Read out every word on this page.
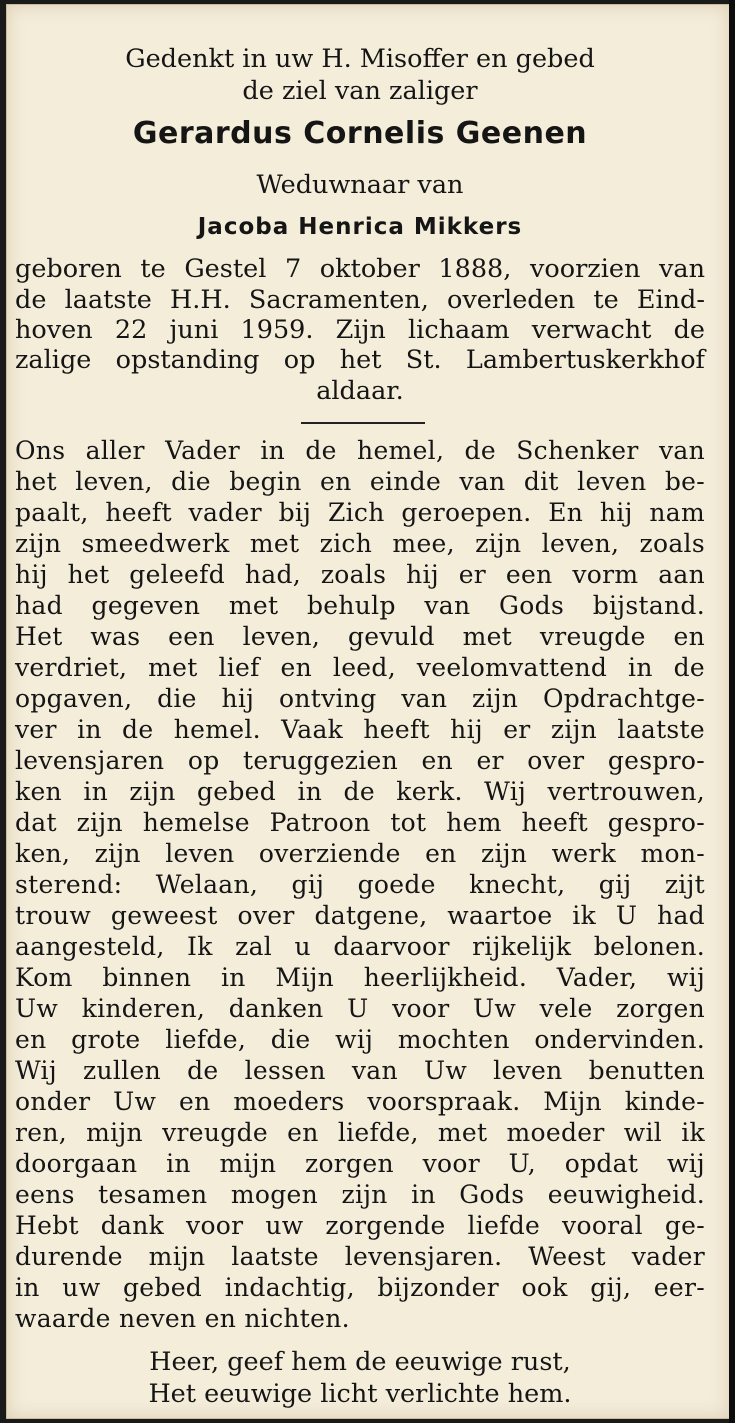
Gedenkt in uw H. Misoffer en gebed
de ziel van zaliger
Gerardus Cornelis Geenen
Weduwnaar van
Jacoba Henrica Mikkers
geboren te Gestel 7 oktober 1888, voorzien van
de laatste H.H. Sacramenten, overleden te Eind-
hoven 22 juni 1959. Zijn lichaam verwacht de
zalige opstanding op het St. Lambertuskerkhof
aldaar.
Ons aller Vader in de hemel, de Schenker van
het leven, die begin en einde van dit leven be-
paalt, heeft vader bij Zich geroepen. En hij nam
zijn smeedwerk met zich mee, zijn leven, zoals
hij het geleefd had, zoals hij er een vorm aan
had gegeven met behulp van Gods bijstand.
Het was een leven, gevuld met vreugde en
verdriet, met lief en leed, veelomvattend in de
opgaven, die hij ontving van zijn Opdrachtge-
ver in de hemel. Vaak heeft hij er zijn laatste
levensjaren op teruggezien en er over gespro-
ken in zijn gebed in de kerk. Wij vertrouwen,
dat zijn hemelse Patroon tot hem heeft gespro-
ken, zijn leven overziende en zijn werk mon-
sterend: Welaan, gij goede knecht, gij zijt
trouw geweest over datgene, waartoe ik U had
aangesteld, Ik zal u daarvoor rijkelijk belonen.
Kom binnen in Mijn heerlijkheid. Vader, wij
Uw kinderen, danken U voor Uw vele zorgen
en grote liefde, die wij mochten ondervinden.
Wij zullen de lessen van Uw leven benutten
onder Uw en moeders voorspraak. Mijn kinde-
ren, mijn vreugde en liefde, met moeder wil ik
doorgaan in mijn zorgen voor U, opdat wij
eens tesamen mogen zijn in Gods eeuwigheid.
Hebt dank voor uw zorgende liefde vooral ge-
durende mijn laatste levensjaren. Weest vader
in uw gebed indachtig, bijzonder ook gij, eer-
waarde neven en nichten.
Heer, geef hem de eeuwige rust,
Het eeuwige licht verlichte hem.
